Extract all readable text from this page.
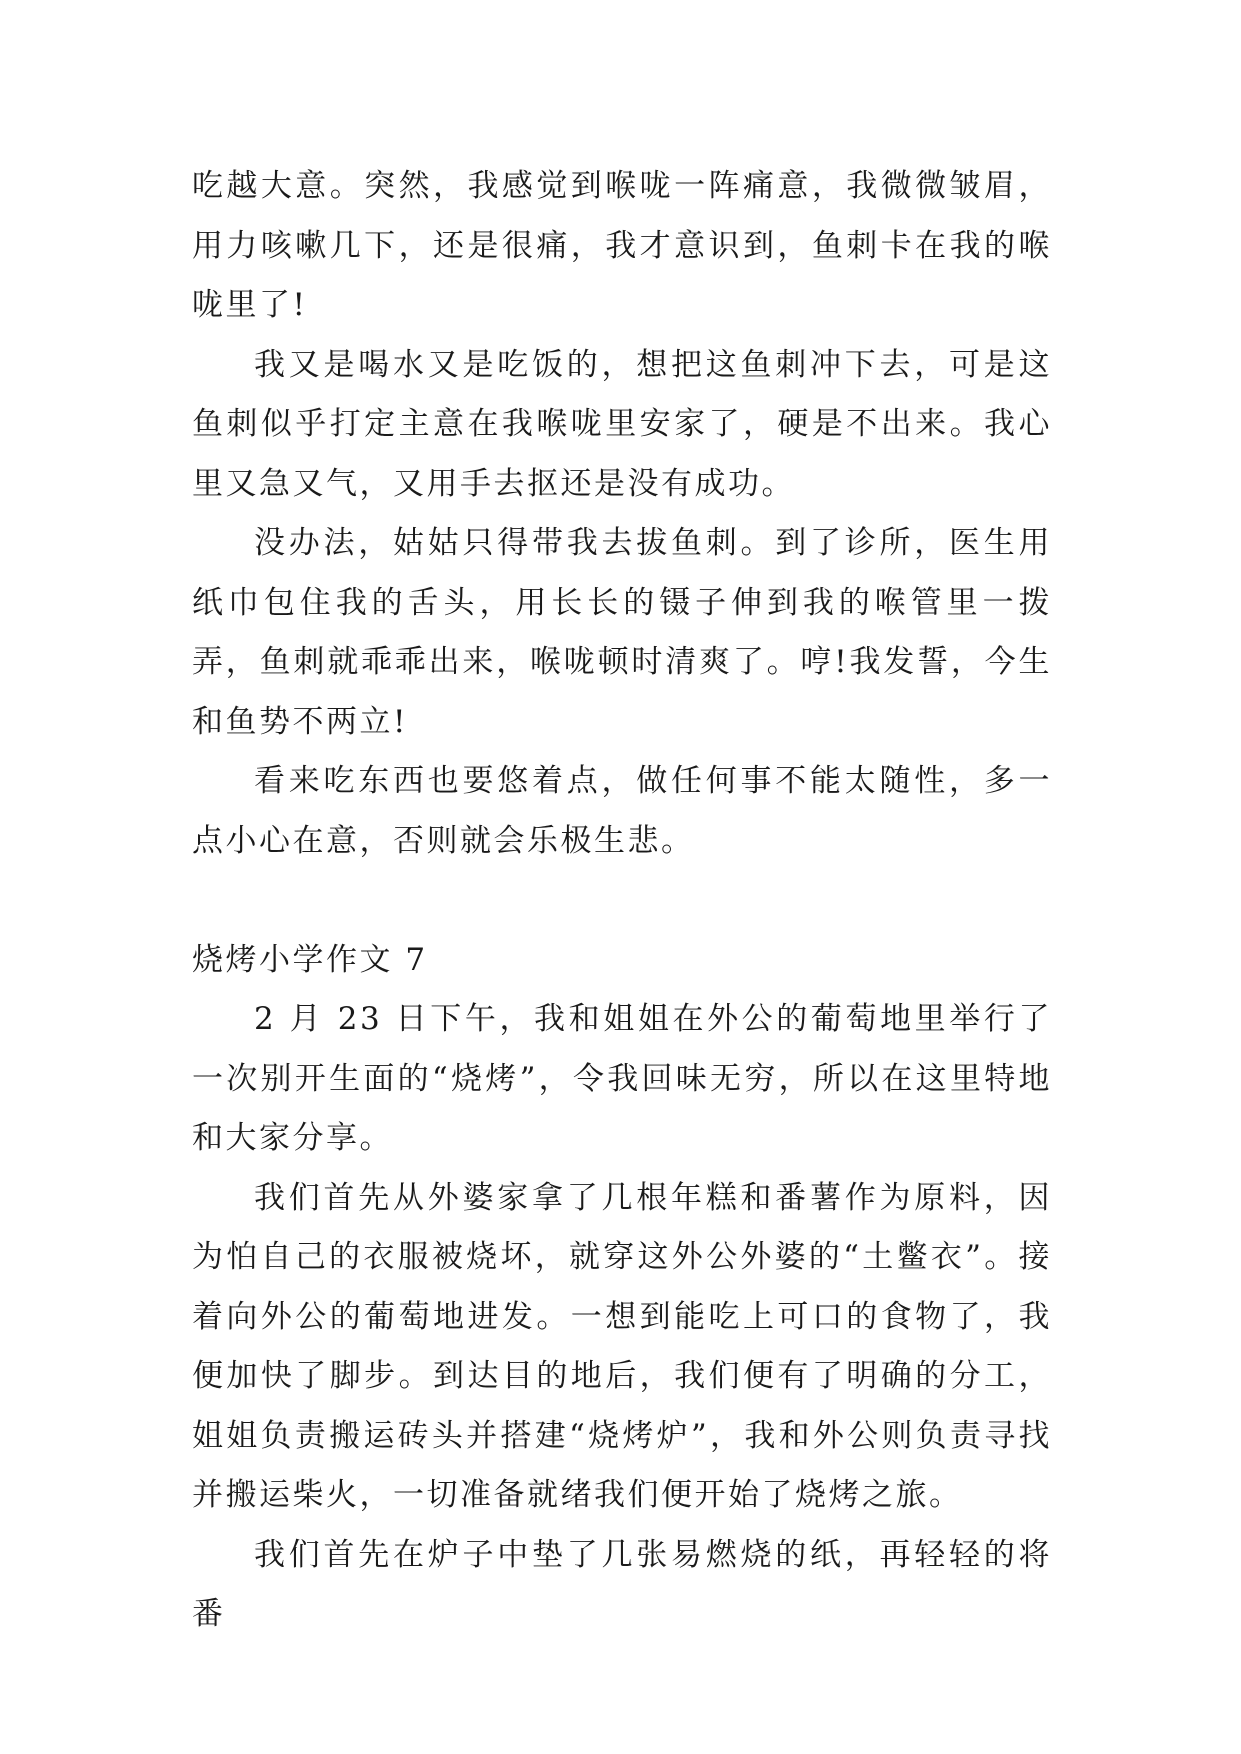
吃越大意。突然，我感觉到喉咙一阵痛意，我微微皱眉，用力咳嗽几下，还是很痛，我才意识到，鱼刺卡在我的喉咙里了!

我又是喝水又是吃饭的，想把这鱼刺冲下去，可是这鱼刺似乎打定主意在我喉咙里安家了，硬是不出来。我心里又急又气，又用手去抠还是没有成功。

没办法，姑姑只得带我去拔鱼刺。到了诊所，医生用纸巾包住我的舌头，用长长的镊子伸到我的喉管里一拨弄，鱼刺就乖乖出来，喉咙顿时清爽了。哼!我发誓，今生和鱼势不两立!

看来吃东西也要悠着点，做任何事不能太随性，多一点小心在意，否则就会乐极生悲。

烧烤小学作文 7

2 月 23 日下午，我和姐姐在外公的葡萄地里举行了一次别开生面的“烧烤”，令我回味无穷，所以在这里特地和大家分享。

我们首先从外婆家拿了几根年糕和番薯作为原料，因为怕自己的衣服被烧坏，就穿这外公外婆的“土鳖衣”。接着向外公的葡萄地进发。一想到能吃上可口的食物了，我便加快了脚步。到达目的地后，我们便有了明确的分工，姐姐负责搬运砖头并搭建“烧烤炉”，我和外公则负责寻找并搬运柴火，一切准备就绪我们便开始了烧烤之旅。

我们首先在炉子中垫了几张易燃烧的纸，再轻轻的将番
